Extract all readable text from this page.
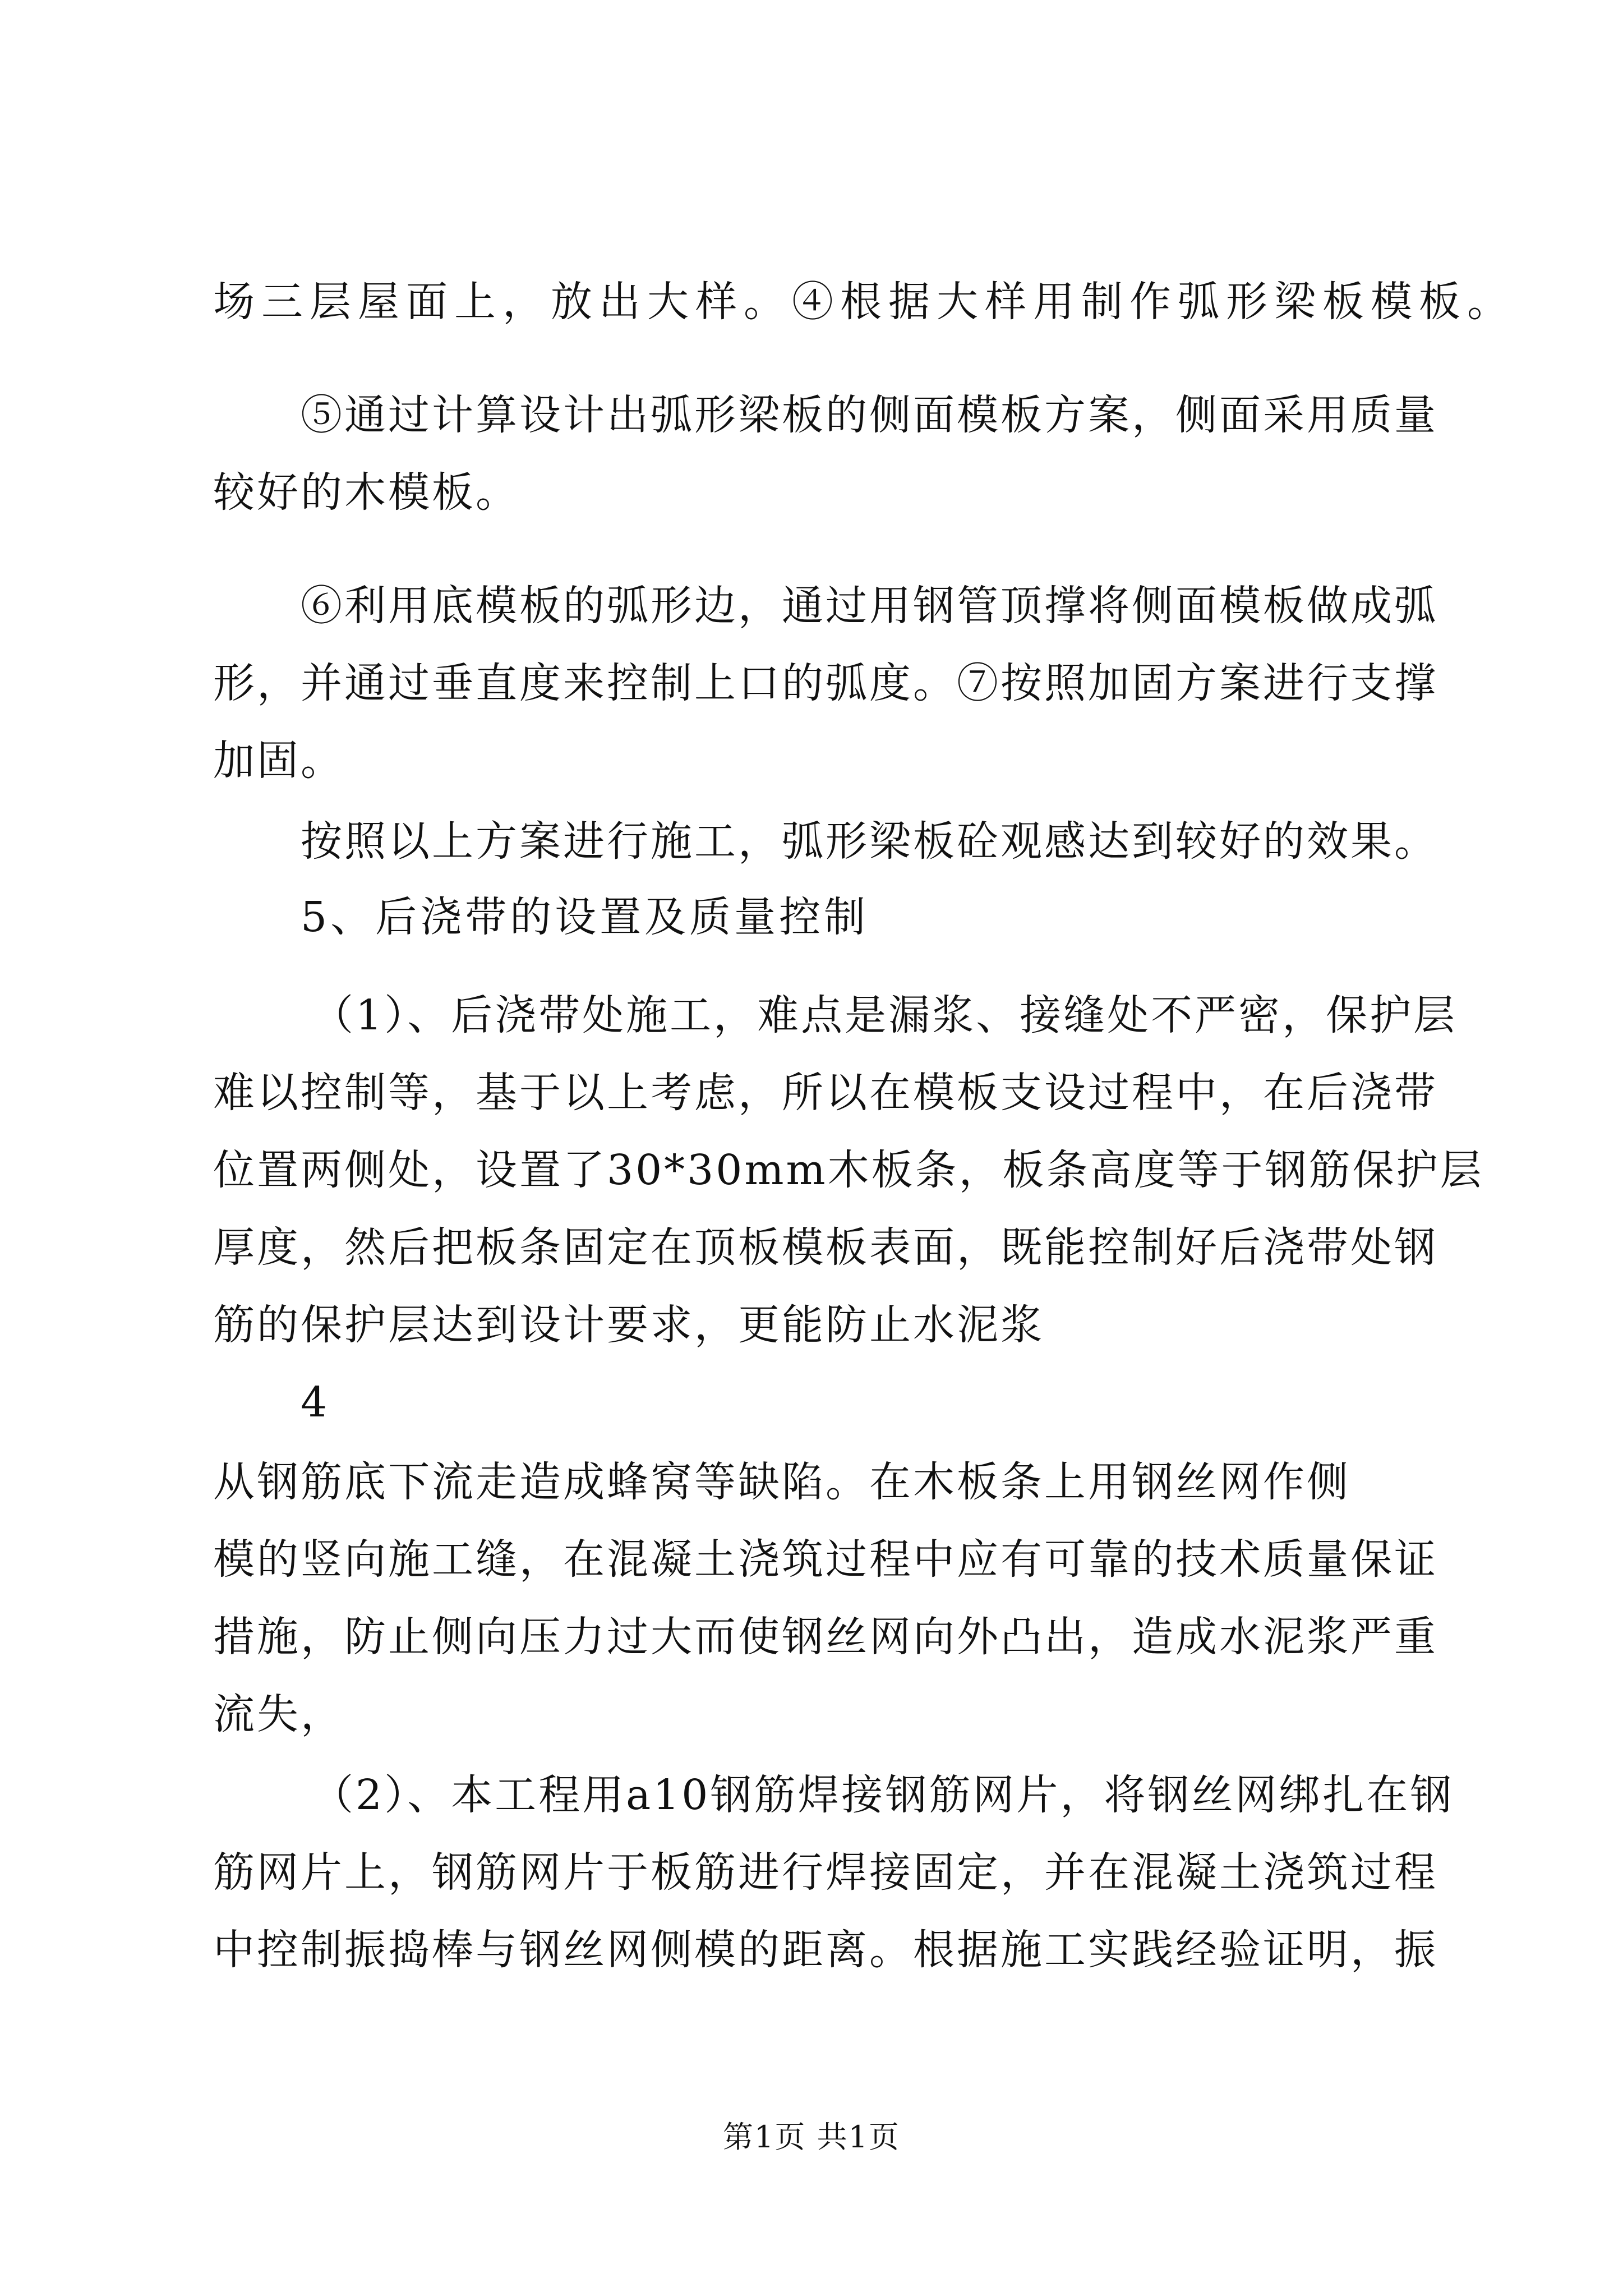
场三层屋面上，放出大样。④根据大样用制作弧形梁板模板。
⑤通过计算设计出弧形梁板的侧面模板方案，侧面采用质量
较好的木模板。
⑥利用底模板的弧形边，通过用钢管顶撑将侧面模板做成弧
形，并通过垂直度来控制上口的弧度。⑦按照加固方案进行支撑
加固。
按照以上方案进行施工，弧形梁板砼观感达到较好的效果。
5、后浇带的设置及质量控制
（1）、后浇带处施工，难点是漏浆、接缝处不严密，保护层
难以控制等，基于以上考虑，所以在模板支设过程中，在后浇带
位置两侧处，设置了30*30mm木板条，板条高度等于钢筋保护层
厚度，然后把板条固定在顶板模板表面，既能控制好后浇带处钢
筋的保护层达到设计要求，更能防止水泥浆
4
从钢筋底下流走造成蜂窝等缺陷。在木板条上用钢丝网作侧
模的竖向施工缝，在混凝土浇筑过程中应有可靠的技术质量保证
措施，防止侧向压力过大而使钢丝网向外凸出，造成水泥浆严重
流失，
（2）、本工程用a10钢筋焊接钢筋网片，将钢丝网绑扎在钢
筋网片上，钢筋网片于板筋进行焊接固定，并在混凝土浇筑过程
中控制振捣棒与钢丝网侧模的距离。根据施工实践经验证明，振
第1页 共1页
